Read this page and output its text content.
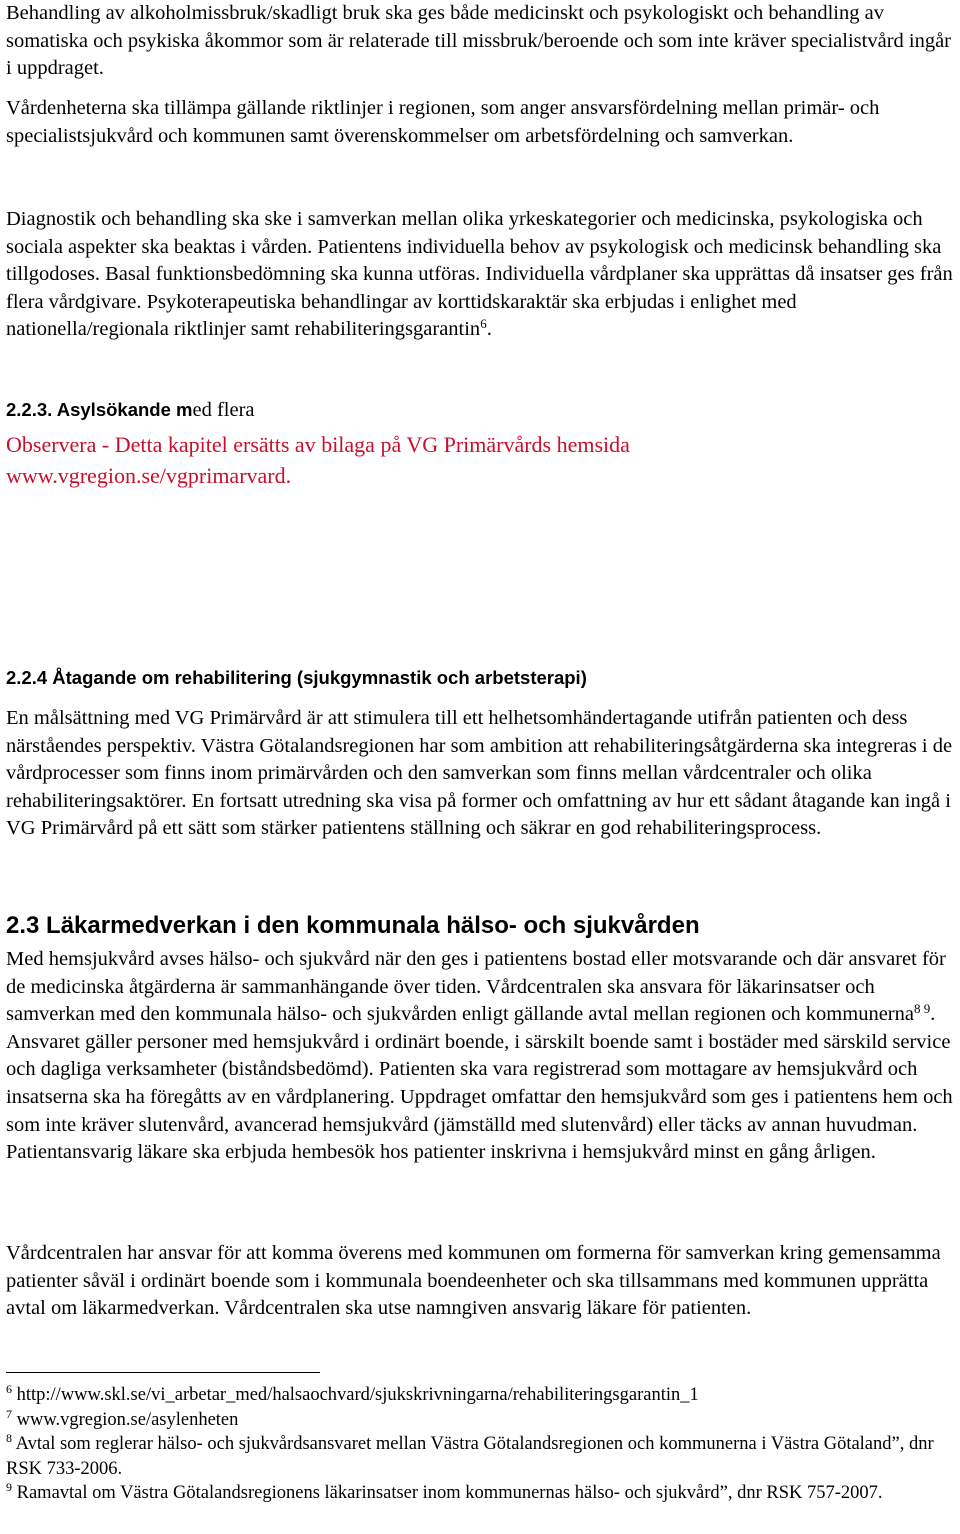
Behandling av alkoholmissbruk/skadligt bruk ska ges både medicinskt och psykologiskt och behandling av somatiska och psykiska åkommor som är relaterade till missbruk/beroende och som inte kräver specialistvård ingår i uppdraget.

Vårdenheterna ska tillämpa gällande riktlinjer i regionen, som anger ansvarsfördelning mellan primär- och specialistsjukvård och kommunen samt överenskommelser om arbetsfördelning och samverkan.

Diagnostik och behandling ska ske i samverkan mellan olika yrkeskategorier och medicinska, psykologiska och sociala aspekter ska beaktas i vården. Patientens individuella behov av psykologisk och medicinsk behandling ska tillgodoses. Basal funktionsbedömning ska kunna utföras. Individuella vårdplaner ska upprättas då insatser ges från flera vårdgivare. Psykoterapeutiska behandlingar av korttidskaraktär ska erbjudas i enlighet med nationella/regionala riktlinjer samt rehabiliteringsgarantin$^6$.

2.2.3. Asylsökande med flera

Observera - Detta kapitel ersätts av bilaga på VG Primärvårds hemsida
www.vgregion.se/vgprimarvard.

2.2.4 Åtagande om rehabilitering (sjukgymnastik och arbetsterapi)

En målsättning med VG Primärvård är att stimulera till ett helhetsomhändertagande utifrån patienten och dess närståendes perspektiv. Västra Götalandsregionen har som ambition att rehabiliteringsåtgärderna ska integreras i de vårdprocesser som finns inom primärvården och den samverkan som finns mellan vårdcentraler och olika rehabiliteringsaktörer. En fortsatt utredning ska visa på former och omfattning av hur ett sådant åtagande kan ingå i VG Primärvård på ett sätt som stärker patientens ställning och säkrar en god rehabiliteringsprocess.

2.3 Läkarmedverkan i den kommunala hälso- och sjukvården

Med hemsjukvård avses hälso- och sjukvård när den ges i patientens bostad eller motsvarande och där ansvaret för de medicinska åtgärderna är sammanhängande över tiden. Vårdcentralen ska ansvara för läkarinsatser och samverkan med den kommunala hälso- och sjukvården enligt gällande avtal mellan regionen och kommunerna$^{8 9}$. Ansvaret gäller personer med hemsjukvård i ordinärt boende, i särskilt boende samt i bostäder med särskild service och dagliga verksamheter (biståndsbedömd). Patienten ska vara registrerad som mottagare av hemsjukvård och insatserna ska ha föregåtts av en vårdplanering. Uppdraget omfattar den hemsjukvård som ges i patientens hem och som inte kräver slutenvård, avancerad hemsjukvård (jämställd med slutenvård) eller täcks av annan huvudman. Patientansvarig läkare ska erbjuda hembesök hos patienter inskrivna i hemsjukvård minst en gång årligen.

Vårdcentralen har ansvar för att komma överens med kommunen om formerna för samverkan kring gemensamma patienter såväl i ordinärt boende som i kommunala boendeenheter och ska tillsammans med kommunen upprätta avtal om läkarmedverkan. Vårdcentralen ska utse namngiven ansvarig läkare för patienten.

$^6$ http://www.skl.se/vi_arbetar_med/halsaochvard/sjukskrivningarna/rehabiliteringsgarantin_1

$^7$ www.vgregion.se/asylenheten

$^8$ Avtal som reglerar hälso- och sjukvårdsansvaret mellan Västra Götalandsregionen och kommunerna i Västra Götaland”, dnr RSK 733-2006.

$^9$ Ramavtal om Västra Götalandsregionens läkarinsatser inom kommunernas hälso- och sjukvård”, dnr RSK 757-2007.
